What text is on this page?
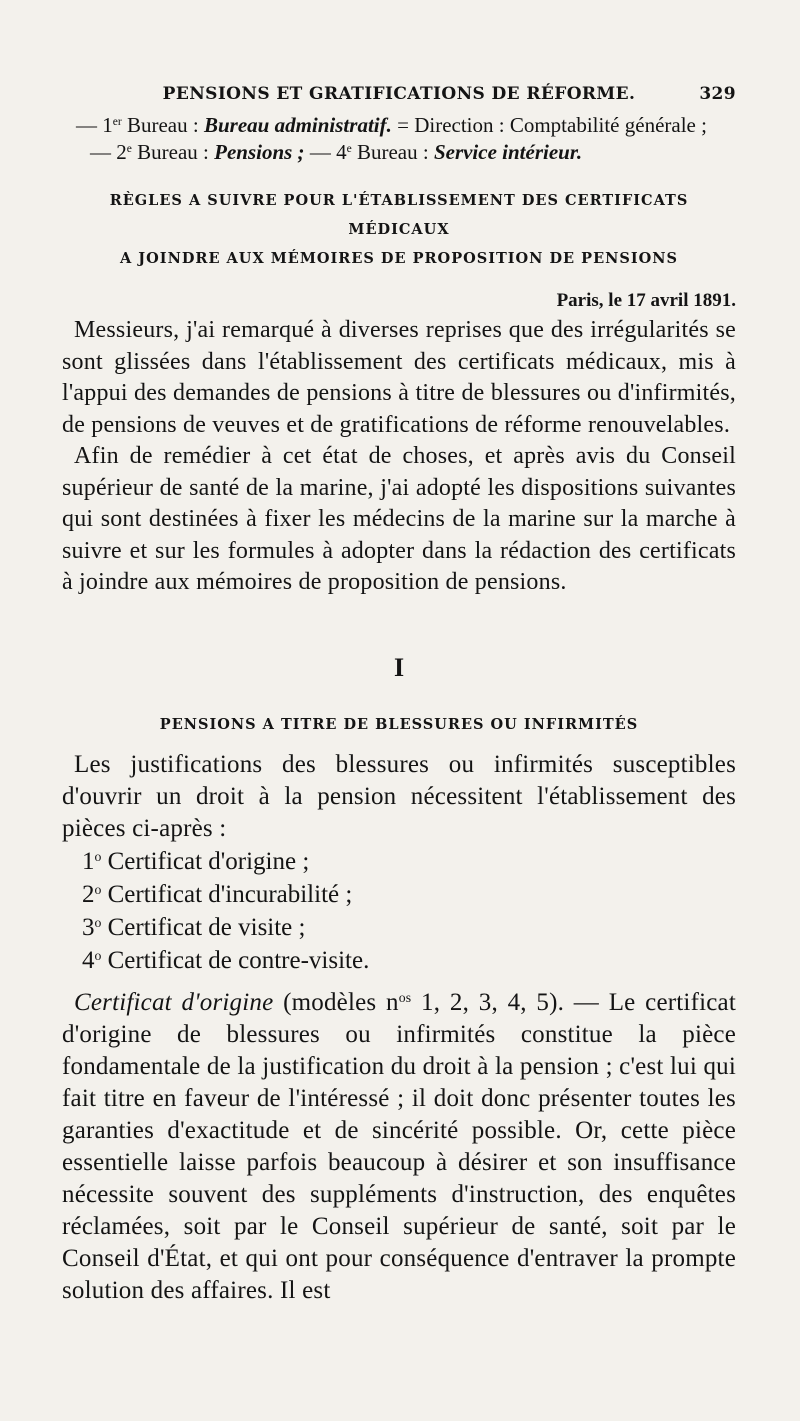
PENSIONS ET GRATIFICATIONS DE RÉFORME.	329

— 1er Bureau : Bureau administratif. = Direction : Comptabilité générale ;

— 2e Bureau : Pensions ; — 4e Bureau : Service intérieur.

RÈGLES A SUIVRE POUR L'ÉTABLISSEMENT DES CERTIFICATS MÉDICAUX

A JOINDRE AUX MÉMOIRES DE PROPOSITION DE PENSIONS

Paris, le 17 avril 1891.

Messieurs, j'ai remarqué à diverses reprises que des irrégularités se sont glissées dans l'établissement des certificats médicaux, mis à l'appui des demandes de pensions à titre de blessures ou d'infirmités, de pensions de veuves et de gratifications de réforme renouvelables.

Afin de remédier à cet état de choses, et après avis du Conseil supérieur de santé de la marine, j'ai adopté les dispositions suivantes qui sont destinées à fixer les médecins de la marine sur la marche à suivre et sur les formules à adopter dans la rédaction des certificats à joindre aux mémoires de proposition de pensions.

I
PENSIONS A TITRE DE BLESSURES OU INFIRMITÉS

Les justifications des blessures ou infirmités susceptibles d'ouvrir un droit à la pension nécessitent l'établissement des pièces ci-après :

1$^o$ Certificat d'origine ;

2$^o$ Certificat d'incurabilité ;

3$^o$ Certificat de visite ;

4$^o$ Certificat de contre-visite.

Certificat d'origine (modèles $n^{os}$ 1, 2, 3, 4, 5). — Le certificat d'origine de blessures ou infirmités constitue la pièce fondamentale de la justification du droit à la pension ; c'est lui qui fait titre en faveur de l'intéressé ; il doit donc présenter toutes les garanties d'exactitude et de sincérité possible. Or, cette pièce essentielle laisse parfois beaucoup à désirer et son insuffisance nécessite souvent des suppléments d'instruction, des enquêtes réclamées, soit par le Conseil supérieur de santé, soit par le Conseil d'État, et qui ont pour conséquence d'entraver la prompte solution des affaires. Il est
